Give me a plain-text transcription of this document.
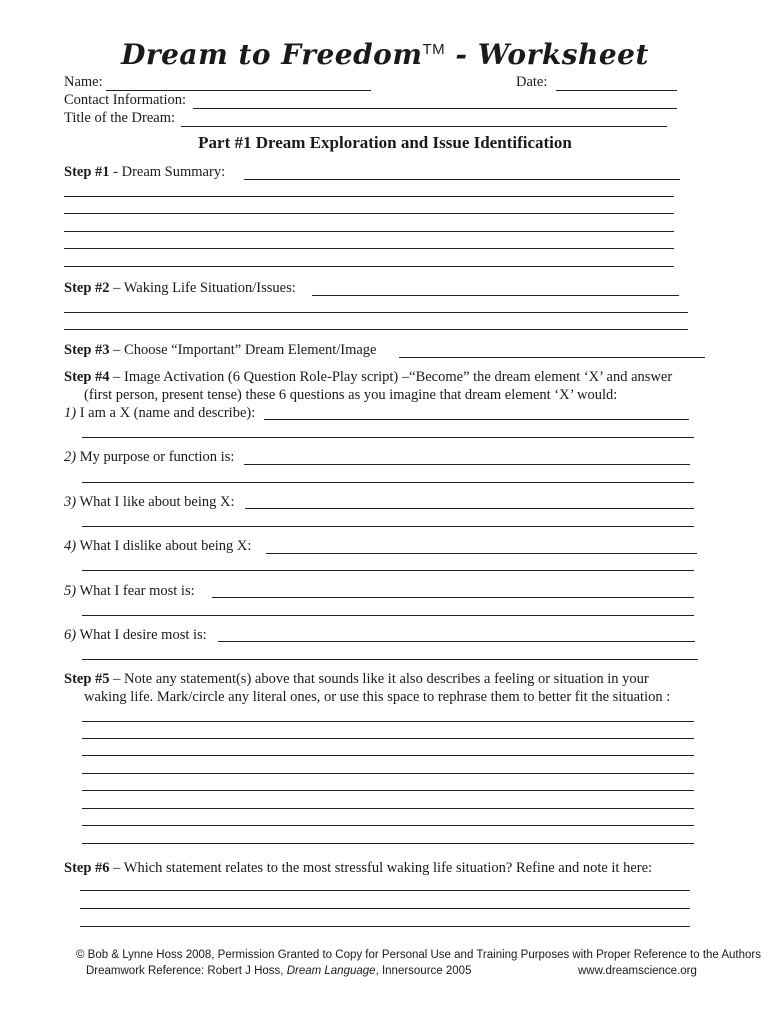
Dream to Freedom™ - Worksheet
Name:	Date:
Contact Information:
Title of the Dream:
Part #1 Dream Exploration and Issue Identification
Step #1 - Dream Summary:
Step #2 – Waking Life Situation/Issues:
Step #3 – Choose “Important” Dream Element/Image
Step #4 – Image Activation (6 Question Role-Play script) –“Become” the dream element ‘X’ and answer
(first person, present tense) these 6 questions as you imagine that dream element ‘X’ would:
1) I am a X (name and describe):
2) My purpose or function is:
3) What I like about being X:
4) What I dislike about being X:
5) What I fear most is:
6) What I desire most is:
Step #5 – Note any statement(s) above that sounds like it also describes a feeling or situation in your
waking life. Mark/circle any literal ones, or use this space to rephrase them to better fit the situation :
Step #6 – Which statement relates to the most stressful waking life situation? Refine and note it here:
© Bob & Lynne Hoss 2008, Permission Granted to Copy for Personal Use and Training Purposes with Proper Reference to the Authors
Dreamwork Reference: Robert J Hoss, Dream Language, Innersource 2005	www.dreamscience.org
